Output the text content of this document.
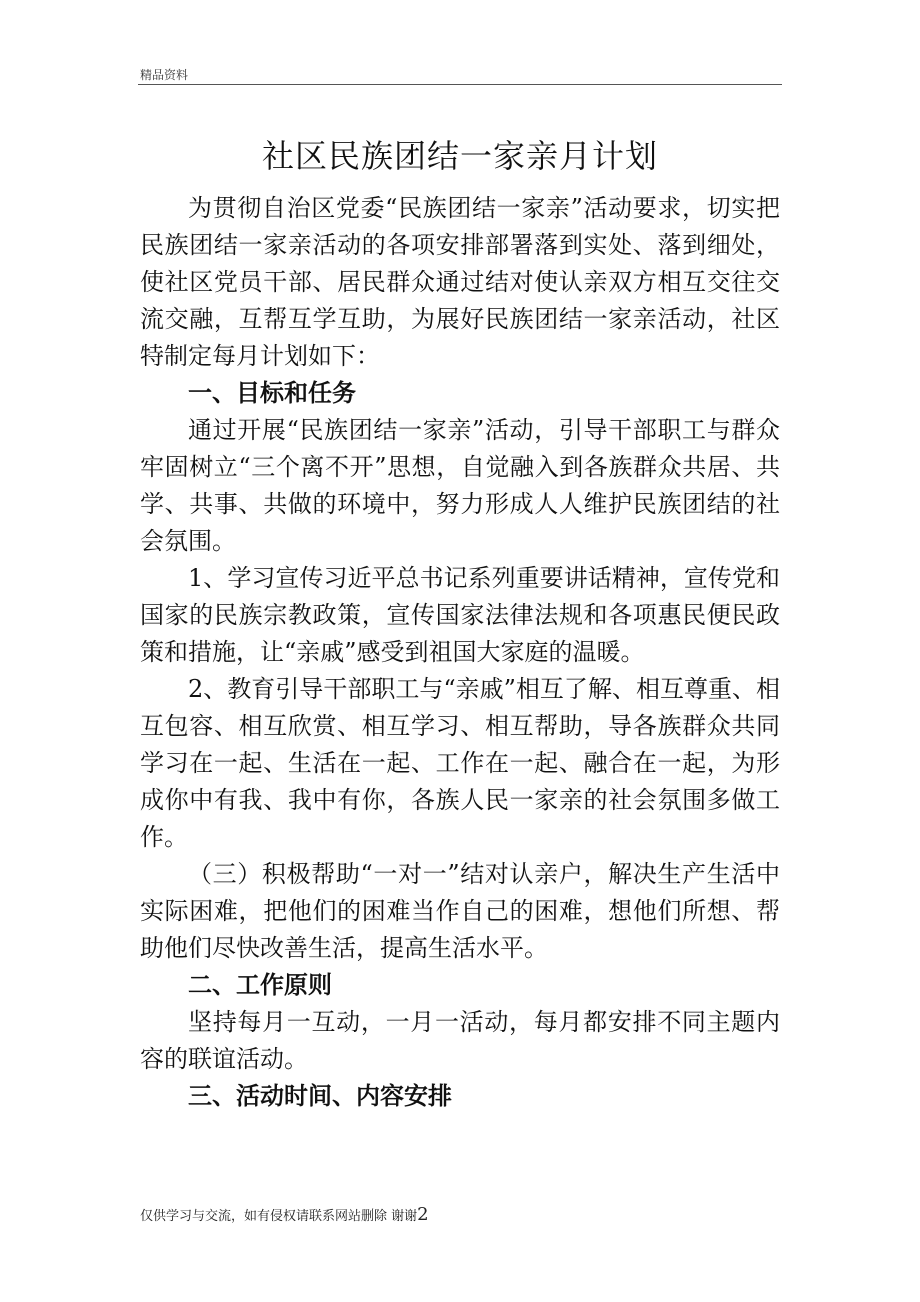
精品资料
社区民族团结一家亲月计划

为贯彻自治区党委“民族团结一家亲”活动要求，切实把民族团结一家亲活动的各项安排部署落到实处、落到细处，使社区党员干部、居民群众通过结对使认亲双方相互交往交流交融，互帮互学互助，为展好民族团结一家亲活动，社区特制定每月计划如下：

一、目标和任务

通过开展“民族团结一家亲”活动，引导干部职工与群众牢固树立“三个离不开”思想，自觉融入到各族群众共居、共学、共事、共做的环境中，努力形成人人维护民族团结的社会氛围。

1、学习宣传习近平总书记系列重要讲话精神，宣传党和国家的民族宗教政策，宣传国家法律法规和各项惠民便民政策和措施，让“亲戚”感受到祖国大家庭的温暖。

2、教育引导干部职工与“亲戚”相互了解、相互尊重、相互包容、相互欣赏、相互学习、相互帮助，导各族群众共同学习在一起、生活在一起、工作在一起、融合在一起，为形成你中有我、我中有你，各族人民一家亲的社会氛围多做工作。

（三）积极帮助“一对一”结对认亲户，解决生产生活中实际困难，把他们的困难当作自己的困难，想他们所想、帮助他们尽快改善生活，提高生活水平。

二、工作原则

坚持每月一互动，一月一活动，每月都安排不同主题内容的联谊活动。

三、活动时间、内容安排

仅供学习与交流，如有侵权请联系网站删除 谢谢2
